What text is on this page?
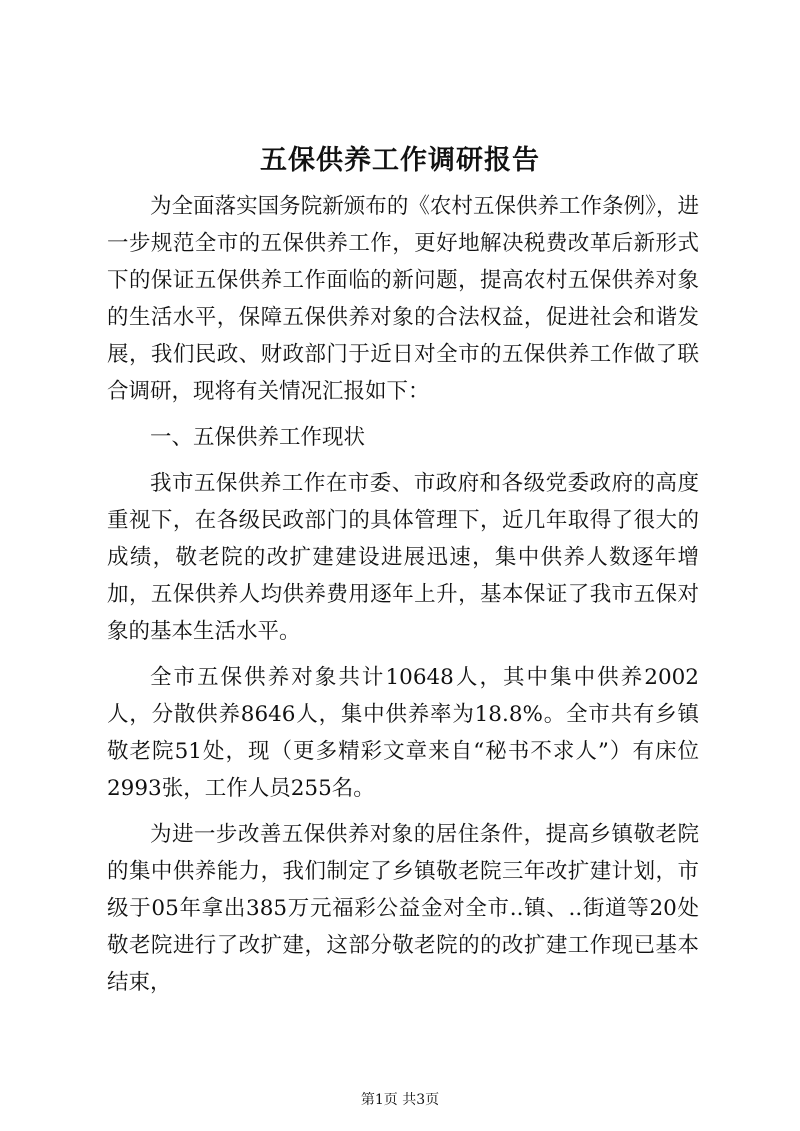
五保供养工作调研报告

为全面落实国务院新颁布的《农村五保供养工作条例》，进一步规范全市的五保供养工作，更好地解决税费改革后新形式下的保证五保供养工作面临的新问题，提高农村五保供养对象的生活水平，保障五保供养对象的合法权益，促进社会和谐发展，我们民政、财政部门于近日对全市的五保供养工作做了联合调研，现将有关情况汇报如下：

一、五保供养工作现状

我市五保供养工作在市委、市政府和各级党委政府的高度重视下，在各级民政部门的具体管理下，近几年取得了很大的成绩，敬老院的改扩建建设进展迅速，集中供养人数逐年增加，五保供养人均供养费用逐年上升，基本保证了我市五保对象的基本生活水平。

全市五保供养对象共计10648人，其中集中供养2002人，分散供养8646人，集中供养率为18.8%。全市共有乡镇敬老院51处，现（更多精彩文章来自“秘书不求人”）有床位2993张，工作人员255名。

为进一步改善五保供养对象的居住条件，提高乡镇敬老院的集中供养能力，我们制定了乡镇敬老院三年改扩建计划，市级于05年拿出385万元福彩公益金对全市..镇、..街道等20处敬老院进行了改扩建，这部分敬老院的的改扩建工作现已基本结束，

第1页 共3页
